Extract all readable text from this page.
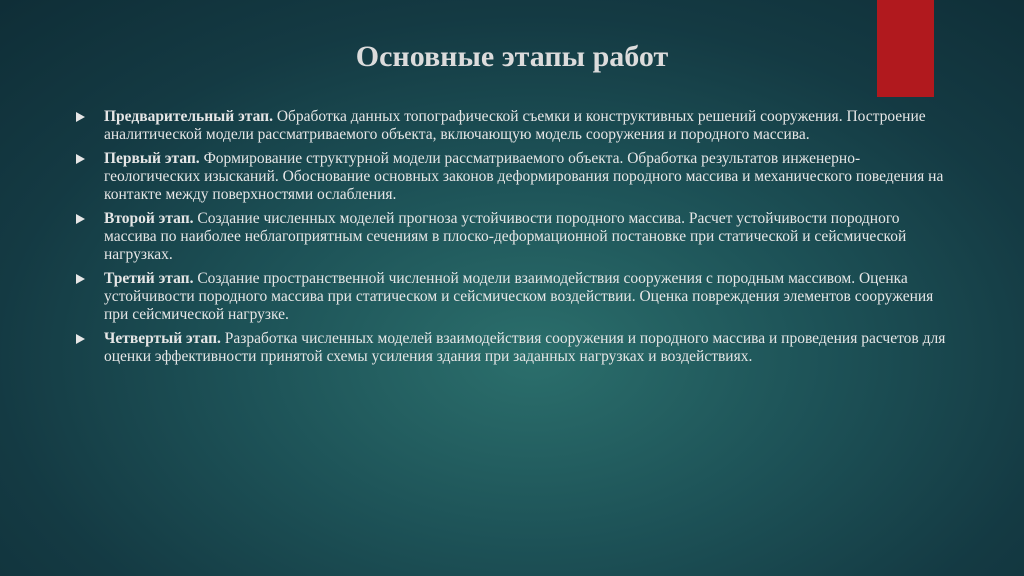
Основные этапы работ
Предварительный этап. Обработка данных топографической съемки и конструктивных решений сооружения. Построение аналитической модели рассматриваемого объекта, включающую модель сооружения и породного массива.
Первый этап. Формирование структурной модели рассматриваемого объекта. Обработка результатов инженерно-геологических изысканий. Обоснование основных законов деформирования породного массива и механического поведения на контакте между поверхностями ослабления.
Второй этап. Создание численных моделей прогноза устойчивости породного массива. Расчет устойчивости породного массива по наиболее неблагоприятным сечениям в плоско-деформационной постановке при статической и сейсмической нагрузках.
Третий этап. Создание пространственной численной модели взаимодействия сооружения с породным массивом. Оценка устойчивости породного массива при статическом и сейсмическом воздействии. Оценка повреждения элементов сооружения при сейсмической нагрузке.
Четвертый этап. Разработка численных моделей взаимодействия сооружения и породного массива и проведения расчетов для оценки эффективности принятой схемы усиления здания при заданных нагрузках и воздействиях.
